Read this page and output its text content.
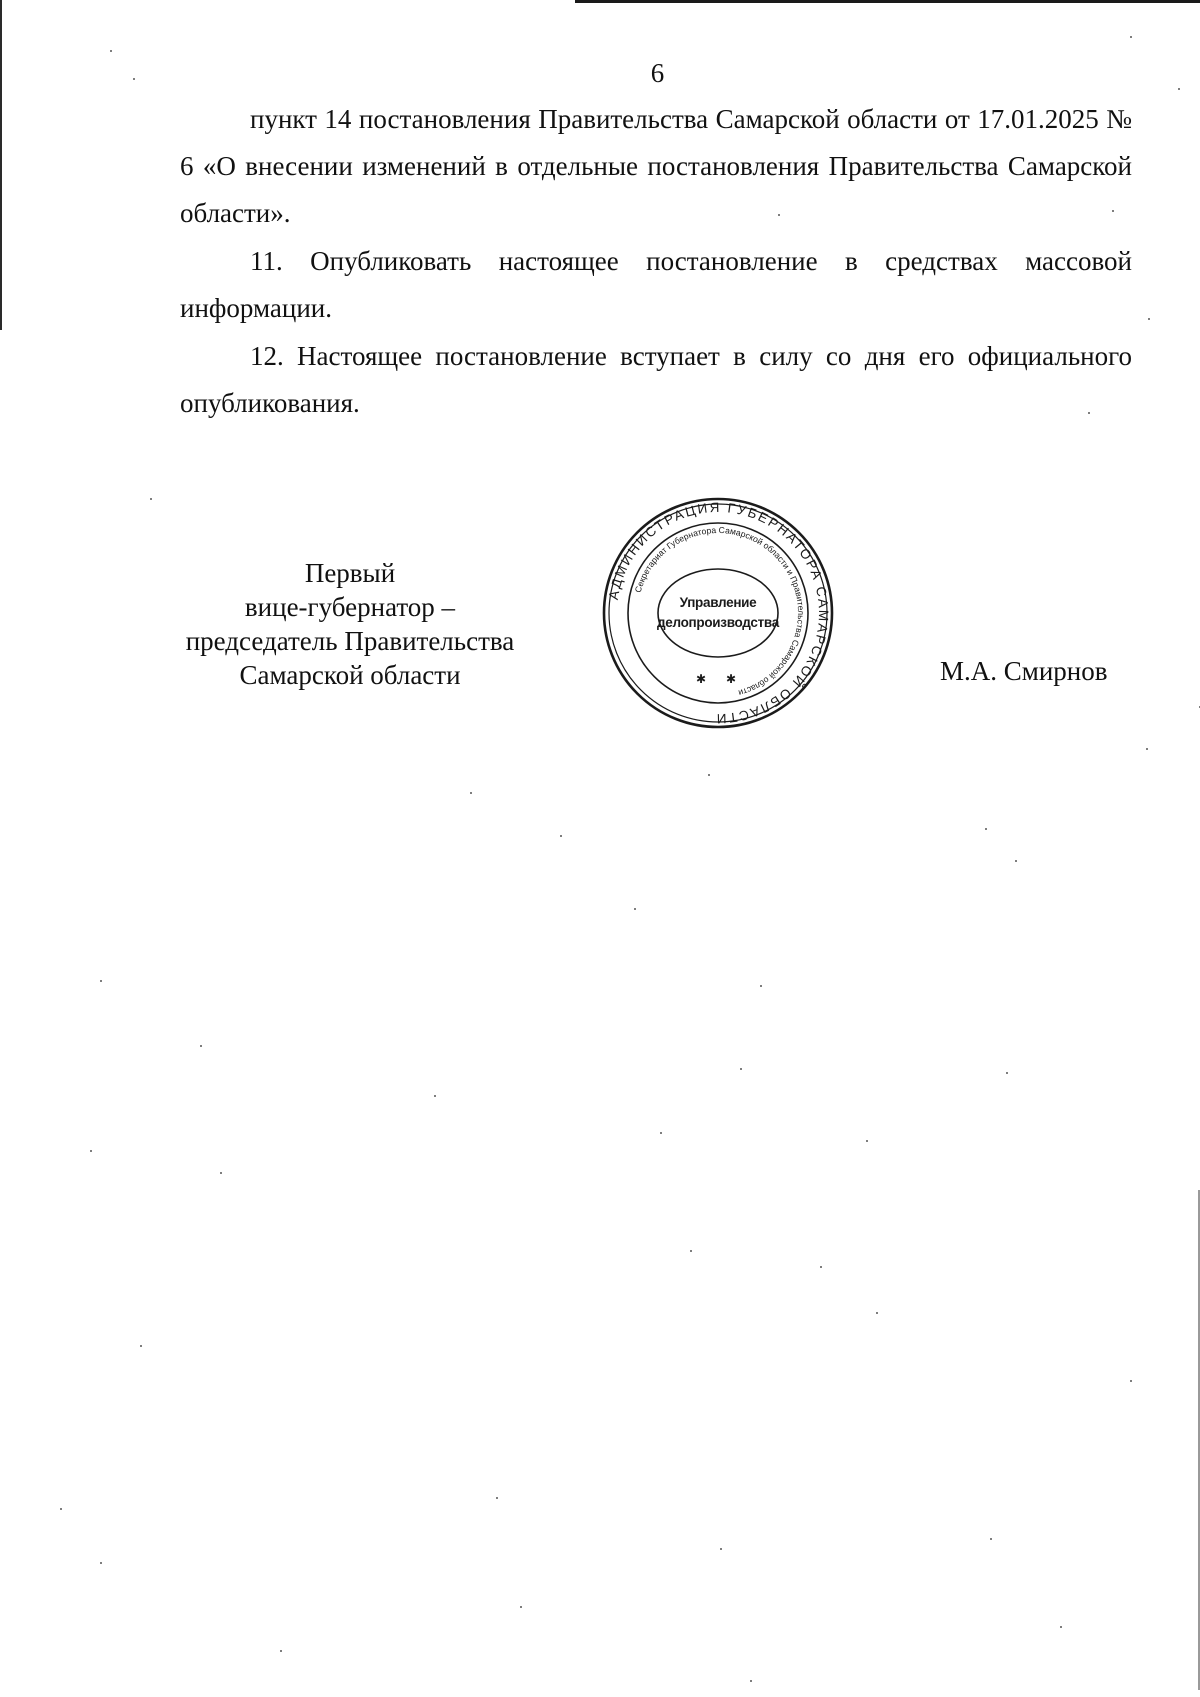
6

пункт 14 постановления Правительства Самарской области от 17.01.2025 № 6 «О внесении изменений в отдельные постановления Правительства Самарской области».

11. Опубликовать настоящее постановление в средствах массовой информации.

12. Настоящее постановление вступает в силу со дня его официального опубликования.

Первый
вице-губернатор –
председатель Правительства
Самарской области
АДМИНИСТРАЦИЯ ГУБЕРНАТОРА САМАРСКОЙ ОБЛАСТИ
Секретариат Губернатора Самарской области и Правительства Самарской области
✱ ✱
Управление
делопроизводства
М.А. Смирнов
